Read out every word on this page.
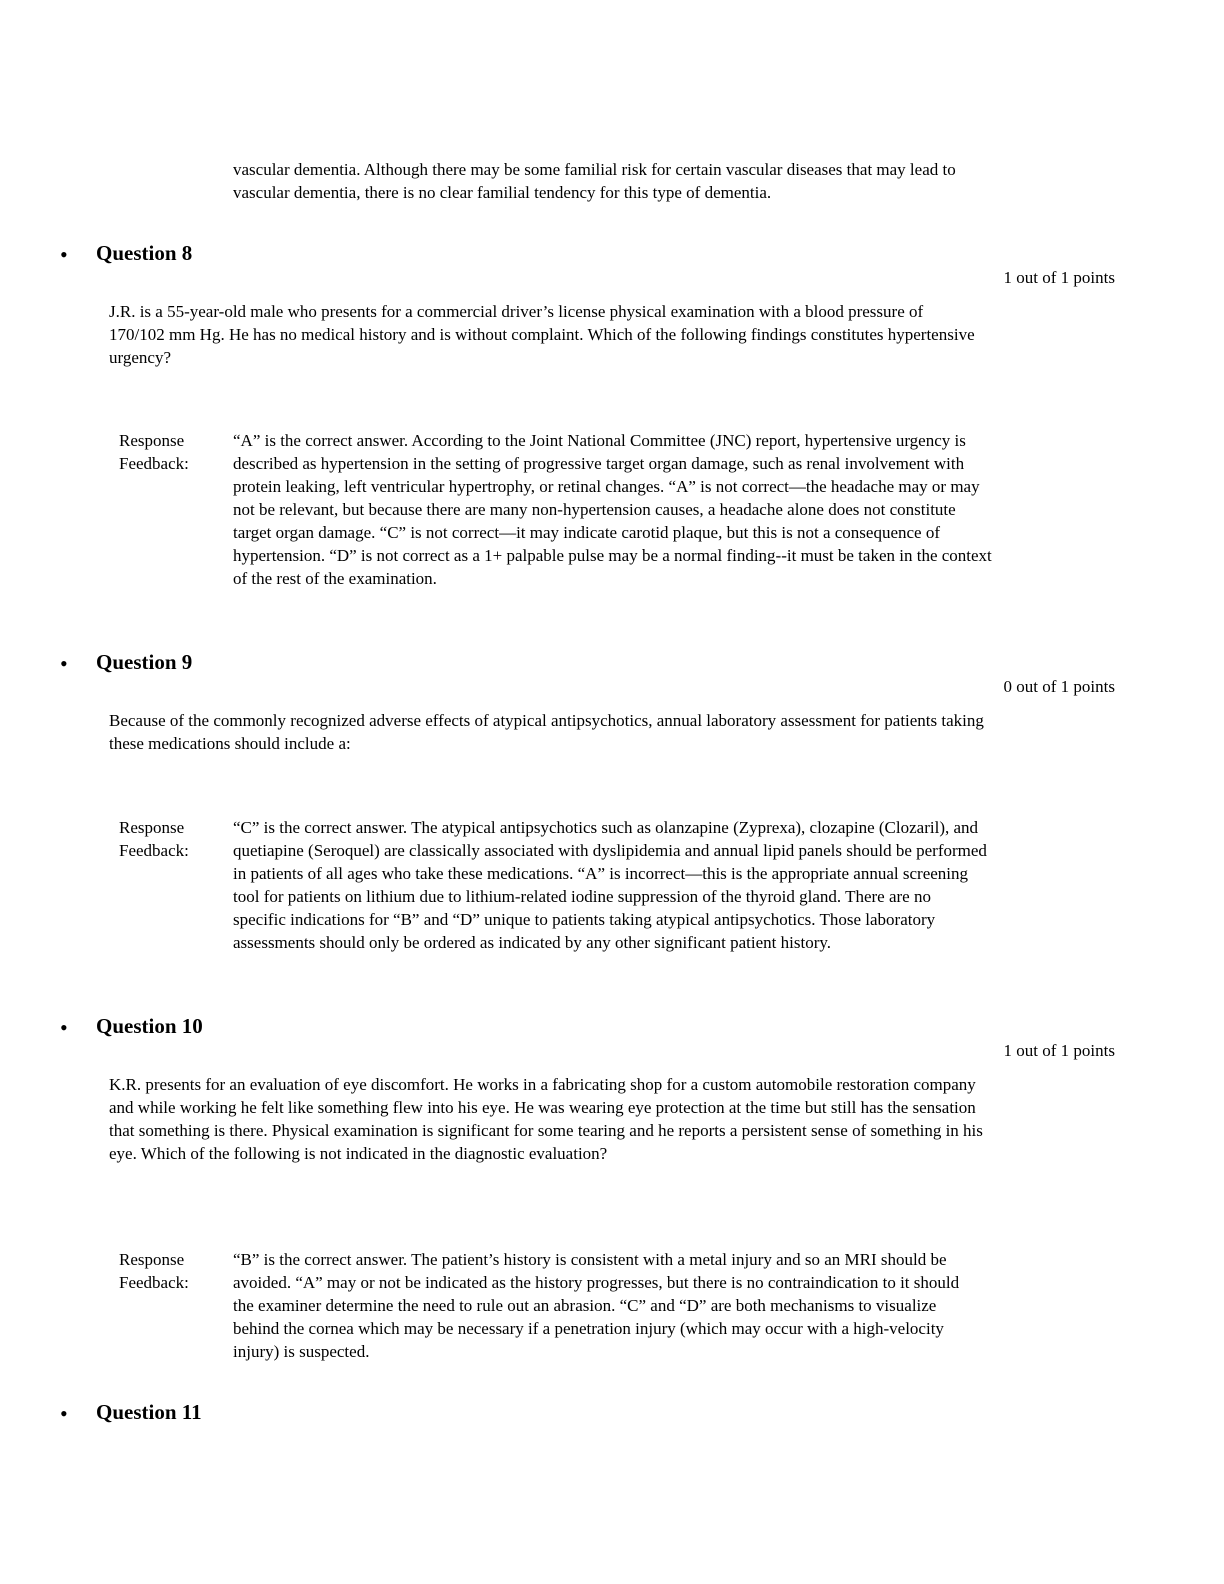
vascular dementia. Although there may be some familial risk for certain vascular diseases that may lead to vascular dementia, there is no clear familial tendency for this type of dementia.
• Question 8
1 out of 1 points
J.R. is a 55-year-old male who presents for a commercial driver’s license physical examination with a blood pressure of 170/102 mm Hg. He has no medical history and is without complaint. Which of the following findings constitutes hypertensive urgency?
Response
Feedback:
“A” is the correct answer. According to the Joint National Committee (JNC) report, hypertensive urgency is described as hypertension in the setting of progressive target organ damage, such as renal involvement with protein leaking, left ventricular hypertrophy, or retinal changes. “A” is not correct—the headache may or may not be relevant, but because there are many non-hypertension causes, a headache alone does not constitute target organ damage. “C” is not correct—it may indicate carotid plaque, but this is not a consequence of hypertension. “D” is not correct as a 1+ palpable pulse may be a normal finding--it must be taken in the context of the rest of the examination.
• Question 9
0 out of 1 points
Because of the commonly recognized adverse effects of atypical antipsychotics, annual laboratory assessment for patients taking these medications should include a:
Response
Feedback:
“C” is the correct answer. The atypical antipsychotics such as olanzapine (Zyprexa), clozapine (Clozaril), and quetiapine (Seroquel) are classically associated with dyslipidemia and annual lipid panels should be performed in patients of all ages who take these medications. “A” is incorrect—this is the appropriate annual screening tool for patients on lithium due to lithium-related iodine suppression of the thyroid gland. There are no specific indications for “B” and “D” unique to patients taking atypical antipsychotics. Those laboratory assessments should only be ordered as indicated by any other significant patient history.
• Question 10
1 out of 1 points
K.R. presents for an evaluation of eye discomfort. He works in a fabricating shop for a custom automobile restoration company and while working he felt like something flew into his eye. He was wearing eye protection at the time but still has the sensation that something is there. Physical examination is significant for some tearing and he reports a persistent sense of something in his eye. Which of the following is not indicated in the diagnostic evaluation?
Response
Feedback:
“B” is the correct answer. The patient’s history is consistent with a metal injury and so an MRI should be avoided. “A” may or not be indicated as the history progresses, but there is no contraindication to it should the examiner determine the need to rule out an abrasion. “C” and “D” are both mechanisms to visualize behind the cornea which may be necessary if a penetration injury (which may occur with a high-velocity injury) is suspected.
• Question 11
